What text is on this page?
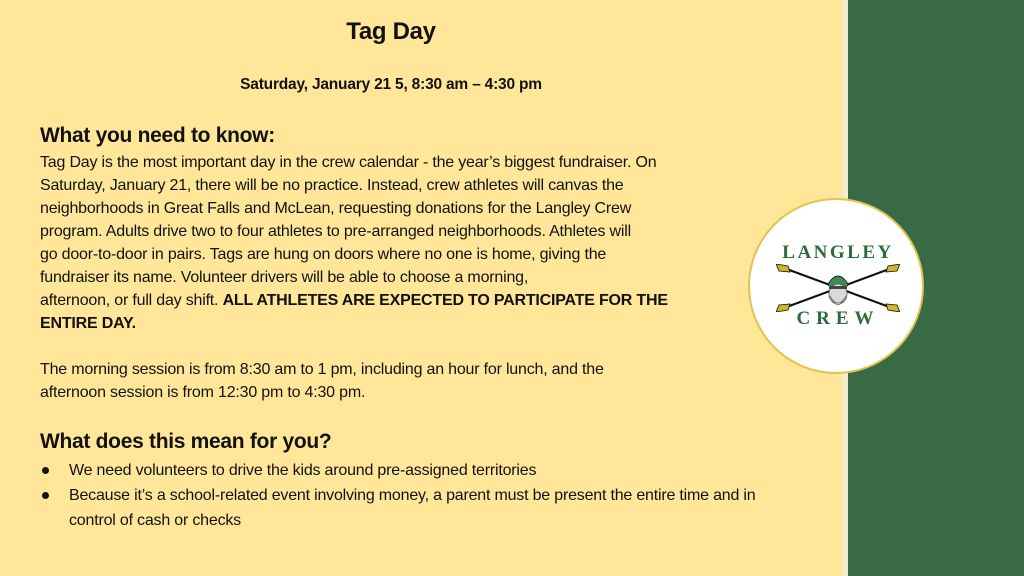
Tag Day
Saturday, January 21 5, 8:30 am – 4:30 pm
What you need to know:
Tag Day is the most important day in the crew calendar - the year’s biggest fundraiser. On
Saturday, January 21, there will be no practice. Instead, crew athletes will canvas the
neighborhoods in Great Falls and McLean, requesting donations for the Langley Crew
program. Adults drive two to four athletes to pre-arranged neighborhoods. Athletes will
go door-to-door in pairs. Tags are hung on doors where no one is home, giving the
fundraiser its name. Volunteer drivers will be able to choose a morning,
afternoon, or full day shift. ALL ATHLETES ARE EXPECTED TO PARTICIPATE FOR THE
ENTIRE DAY.
The morning session is from 8:30 am to 1 pm, including an hour for lunch, and the
afternoon session is from 12:30 pm to 4:30 pm.
What does this mean for you?
We need volunteers to drive the kids around pre-assigned territories
Because it’s a school-related event involving money, a parent must be present the entire time and in control of cash or checks
LANGLEY
CREW
